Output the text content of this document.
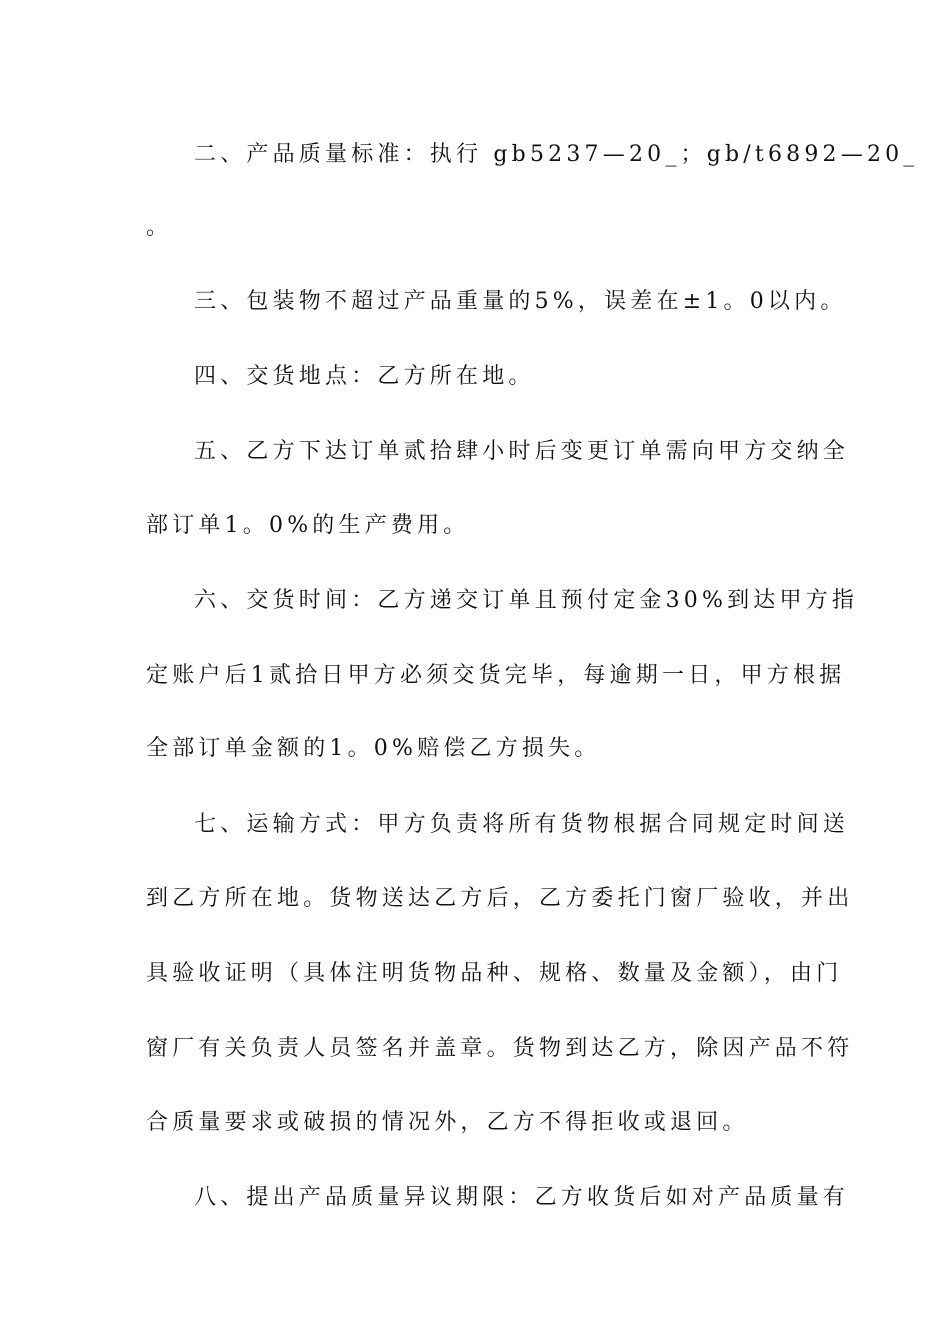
二、产品质量标准：执行 gb5237—20_；gb/t6892—20_
。
三、包装物不超过产品重量的5%，误差在±1。0以内。
四、交货地点：乙方所在地。
五、乙方下达订单贰拾肆小时后变更订单需向甲方交纳全
部订单1。0%的生产费用。
六、交货时间：乙方递交订单且预付定金30%到达甲方指
定账户后1贰拾日甲方必须交货完毕，每逾期一日，甲方根据
全部订单金额的1。0%赔偿乙方损失。
七、运输方式：甲方负责将所有货物根据合同规定时间送
到乙方所在地。货物送达乙方后，乙方委托门窗厂验收，并出
具验收证明（具体注明货物品种、规格、数量及金额），由门
窗厂有关负责人员签名并盖章。货物到达乙方，除因产品不符
合质量要求或破损的情况外，乙方不得拒收或退回。
八、提出产品质量异议期限：乙方收货后如对产品质量有
